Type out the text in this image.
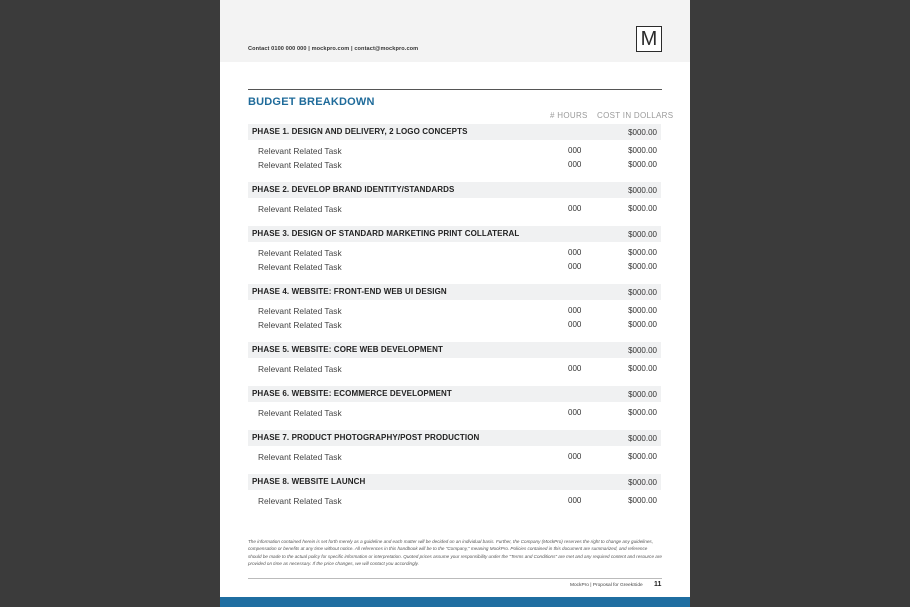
Contact 0100 000 000 | mockpro.com | contact@mockpro.com	M
BUDGET BREAKDOWN
# HOURS COST IN DOLLARS
PHASE 1. DESIGN AND DELIVERY, 2 LOGO CONCEPTS	$000.00
Relevant Related Task	000	$000.00
Relevant Related Task	000	$000.00
PHASE 2. DEVELOP BRAND IDENTITY/STANDARDS	$000.00
Relevant Related Task	000	$000.00
PHASE 3. DESIGN OF STANDARD MARKETING PRINT COLLATERAL	$000.00
Relevant Related Task	000	$000.00
Relevant Related Task	000	$000.00
PHASE 4. WEBSITE: FRONT-END WEB UI DESIGN	$000.00
Relevant Related Task	000	$000.00
Relevant Related Task	000	$000.00
PHASE 5. WEBSITE: CORE WEB DEVELOPMENT	$000.00
Relevant Related Task	000	$000.00
PHASE 6. WEBSITE: ECOMMERCE DEVELOPMENT	$000.00
Relevant Related Task	000	$000.00
PHASE 7. PRODUCT PHOTOGRAPHY/POST PRODUCTION	$000.00
Relevant Related Task	000	$000.00
PHASE 8. WEBSITE LAUNCH	$000.00
Relevant Related Task	000	$000.00
The information contained herein is set forth merely as a guideline and each matter will be decided on an individual basis. Further, the Company (MockPro) reserves the right to change any guidelines, compensation or benefits at any time without notice. All references in this handbook will be to the "Company," meaning MockPro. Policies contained in this document are summarized, and reference should be made to the actual policy for specific information or interpretation. Quoted prices assume your responsibility under the "Terms and Conditions" are met and any required content and resource are provided on time as necessary. If the price changes, we will contact you accordingly.
MockPro | Proposal for GreekSide 11
